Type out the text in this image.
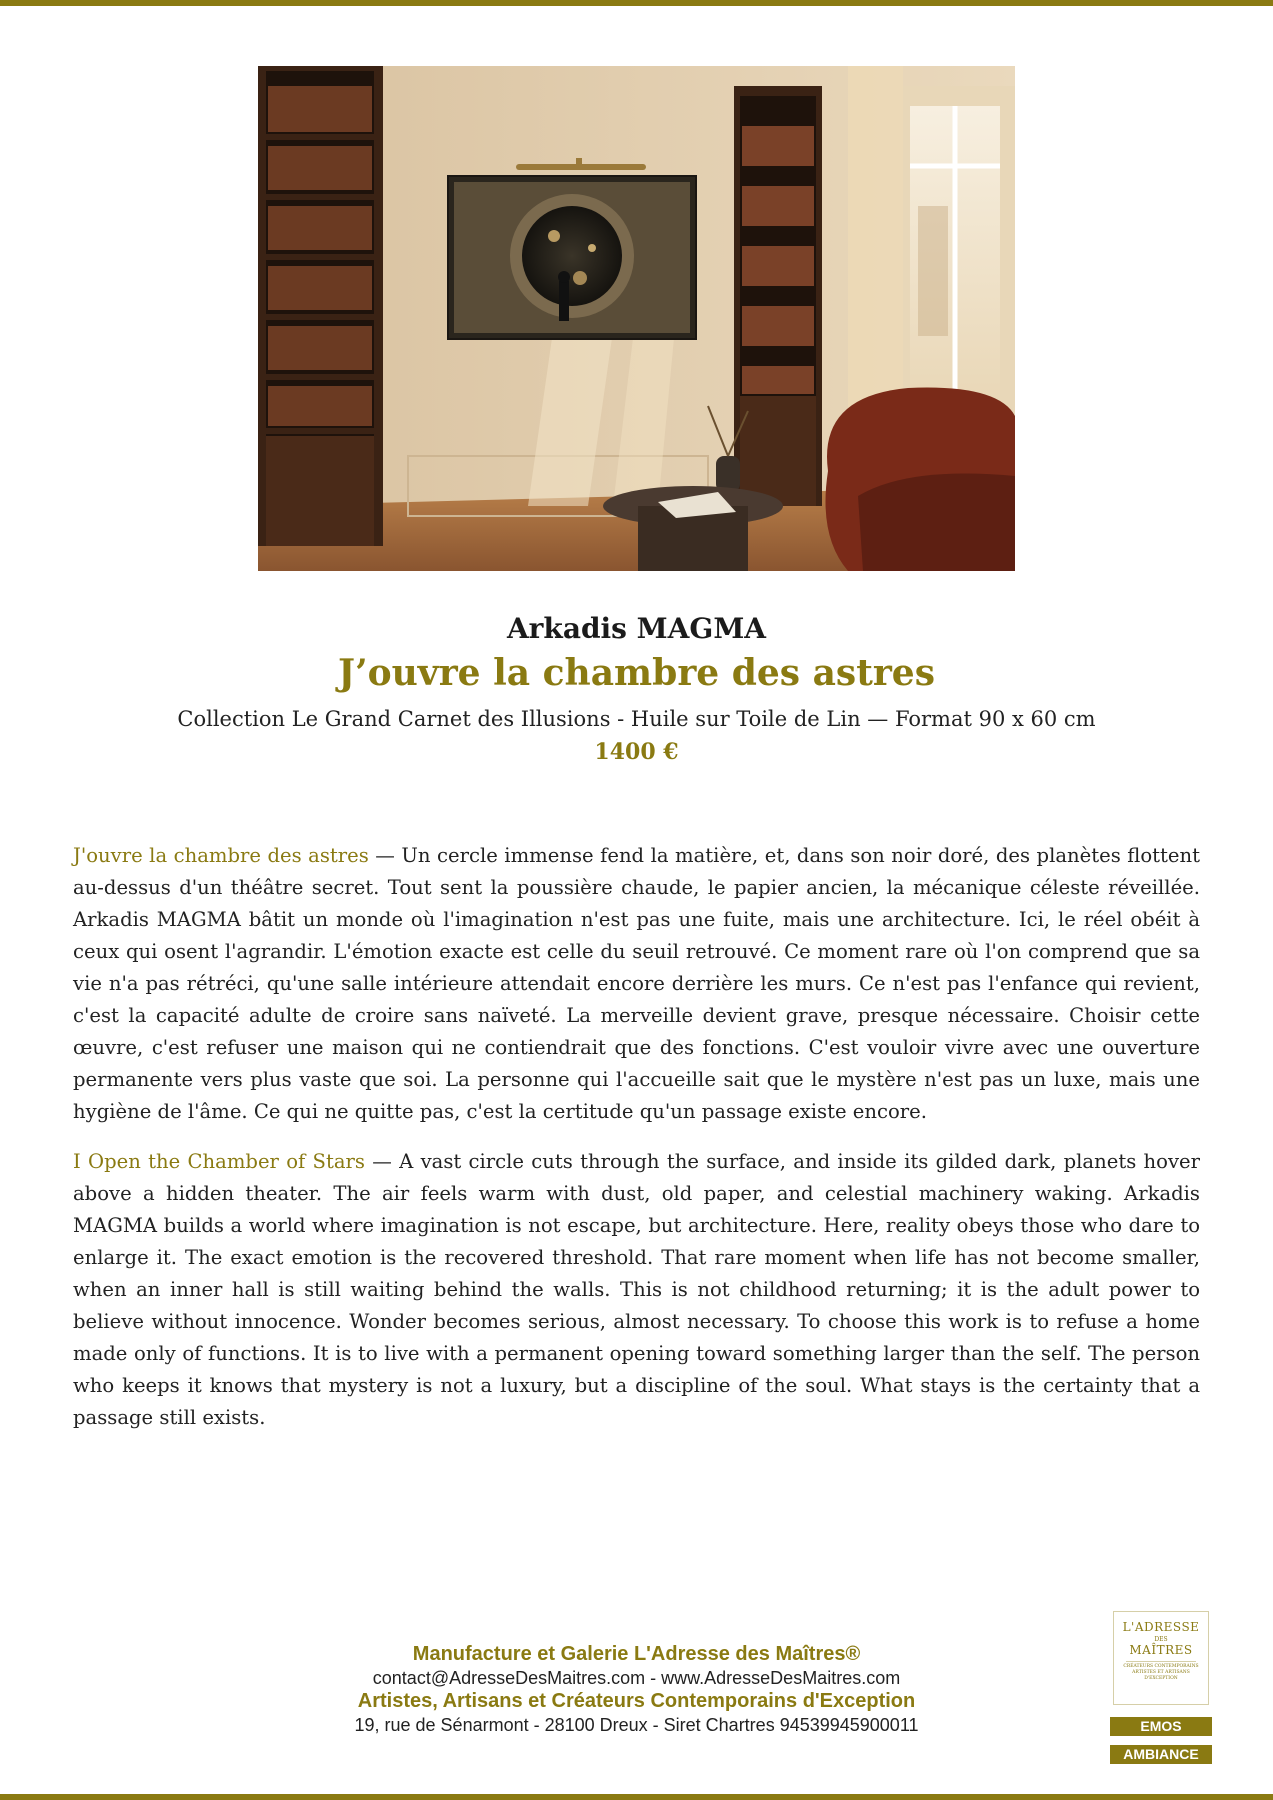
Arkadis MAGMA
J’ouvre la chambre des astres
Collection Le Grand Carnet des Illusions - Huile sur Toile de Lin — Format 90 x 60 cm
1400 €

J'ouvre la chambre des astres — Un cercle immense fend la matière, et, dans son noir doré, des planètes flottent au-dessus d'un théâtre secret. Tout sent la poussière chaude, le papier ancien, la mécanique céleste réveillée. Arkadis MAGMA bâtit un monde où l'imagination n'est pas une fuite, mais une architecture. Ici, le réel obéit à ceux qui osent l'agrandir. L'émotion exacte est celle du seuil retrouvé. Ce moment rare où l'on comprend que sa vie n'a pas rétréci, qu'une salle intérieure attendait encore derrière les murs. Ce n'est pas l'enfance qui revient, c'est la capacité adulte de croire sans naïveté. La merveille devient grave, presque nécessaire. Choisir cette œuvre, c'est refuser une maison qui ne contiendrait que des fonctions. C'est vouloir vivre avec une ouverture permanente vers plus vaste que soi. La personne qui l'accueille sait que le mystère n'est pas un luxe, mais une hygiène de l'âme. Ce qui ne quitte pas, c'est la certitude qu'un passage existe encore.

I Open the Chamber of Stars — A vast circle cuts through the surface, and inside its gilded dark, planets hover above a hidden theater. The air feels warm with dust, old paper, and celestial machinery waking. Arkadis MAGMA builds a world where imagination is not escape, but architecture. Here, reality obeys those who dare to enlarge it. The exact emotion is the recovered threshold. That rare moment when life has not become smaller, when an inner hall is still waiting behind the walls. This is not childhood returning; it is the adult power to believe without innocence. Wonder becomes serious, almost necessary. To choose this work is to refuse a home made only of functions. It is to live with a permanent opening toward something larger than the self. The person who keeps it knows that mystery is not a luxury, but a discipline of the soul. What stays is the certainty that a passage still exists.

Manufacture et Galerie L'Adresse des Maîtres®
contact@AdresseDesMaitres.com - www.AdresseDesMaitres.com
Artistes, Artisans et Créateurs Contemporains d'Exception
19, rue de Sénarmont - 28100 Dreux - Siret Chartres 94539945900011
L'ADRESSE
DES
MAÎTRES
CRÉATEURS CONTEMPORAINS ARTISTES ET ARTISANS D'EXCEPTION
EMOS
AMBIANCE
